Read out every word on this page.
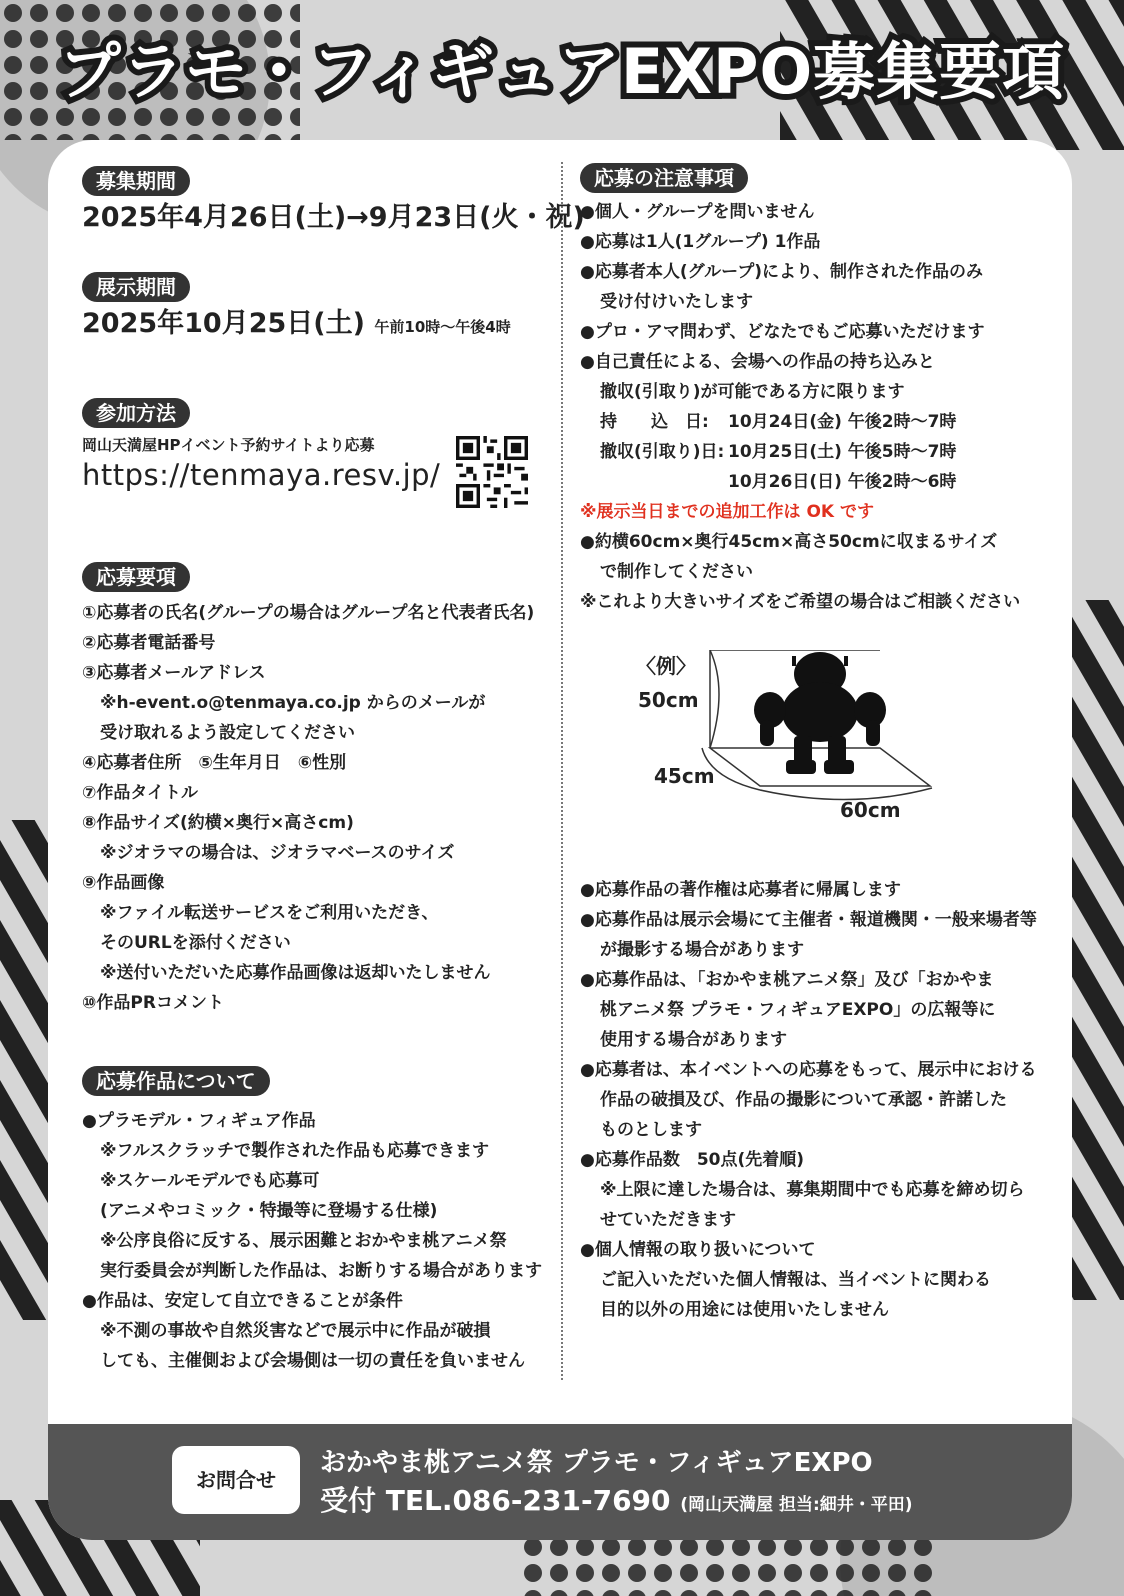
プラモ・フィギュアEXPO募集要項
募集期間
2025年4月26日(土)→9月23日(火・祝)
展示期間
2025年10月25日(土) 午前10時～午後4時
参加方法
岡山天満屋HPイベント予約サイトより応募
https://tenmaya.resv.jp/
応募要項
①応募者の氏名(グループの場合はグループ名と代表者氏名)
②応募者電話番号
③応募者メールアドレス
※h-event.o@tenmaya.co.jp からのメールが
受け取れるよう設定してください
④応募者住所　⑤生年月日　⑥性別
⑦作品タイトル
⑧作品サイズ(約横×奥行×高さcm)
※ジオラマの場合は、ジオラマベースのサイズ
⑨作品画像
※ファイル転送サービスをご利用いただき、
そのURLを添付ください
※送付いただいた応募作品画像は返却いたしません
⑩作品PRコメント
応募作品について
●プラモデル・フィギュア作品
※フルスクラッチで製作された作品も応募できます
※スケールモデルでも応募可
(アニメやコミック・特撮等に登場する仕様)
※公序良俗に反する、展示困難とおかやま桃アニメ祭
実行委員会が判断した作品は、お断りする場合があります
●作品は、安定して自立できることが条件
※不測の事故や自然災害などで展示中に作品が破損
しても、主催側および会場側は一切の責任を負いません
応募の注意事項
●個人・グループを問いません
●応募は1人(1グループ) 1作品
●応募者本人(グループ)により、制作された作品のみ
受け付けいたします
●プロ・アマ問わず、どなたでもご応募いただけます
●自己責任による、会場への作品の持ち込みと
撤収(引取り)が可能である方に限ります
持　　込　日:	10月24日(金) 午後2時～7時
撤収(引取り)日: 10月25日(土) 午後5時～7時
10月26日(日) 午後2時～6時
※展示当日までの追加工作は OK です
●約横60cm×奥行45cm×高さ50cmに収まるサイズ
で制作してください
※これより大きいサイズをご希望の場合はご相談ください
●応募作品の著作権は応募者に帰属します
●応募作品は展示会場にて主催者・報道機関・一般来場者等
が撮影する場合があります
●応募作品は、「おかやま桃アニメ祭」及び「おかやま
桃アニメ祭 プラモ・フィギュアEXPO」の広報等に
使用する場合があります
●応募者は、本イベントへの応募をもって、展示中における
作品の破損及び、作品の撮影について承認・許諾した
ものとします
●応募作品数　50点(先着順)
※上限に達した場合は、募集期間中でも応募を締め切ら
せていただきます
●個人情報の取り扱いについて
ご記入いただいた個人情報は、当イベントに関わる
目的以外の用途には使用いたしません
〈例〉
50cm
45cm
60cm
お問合せ
おかやま桃アニメ祭 プラモ・フィギュアEXPO
受付 TEL.086-231-7690 (岡山天満屋 担当:細井・平田)
